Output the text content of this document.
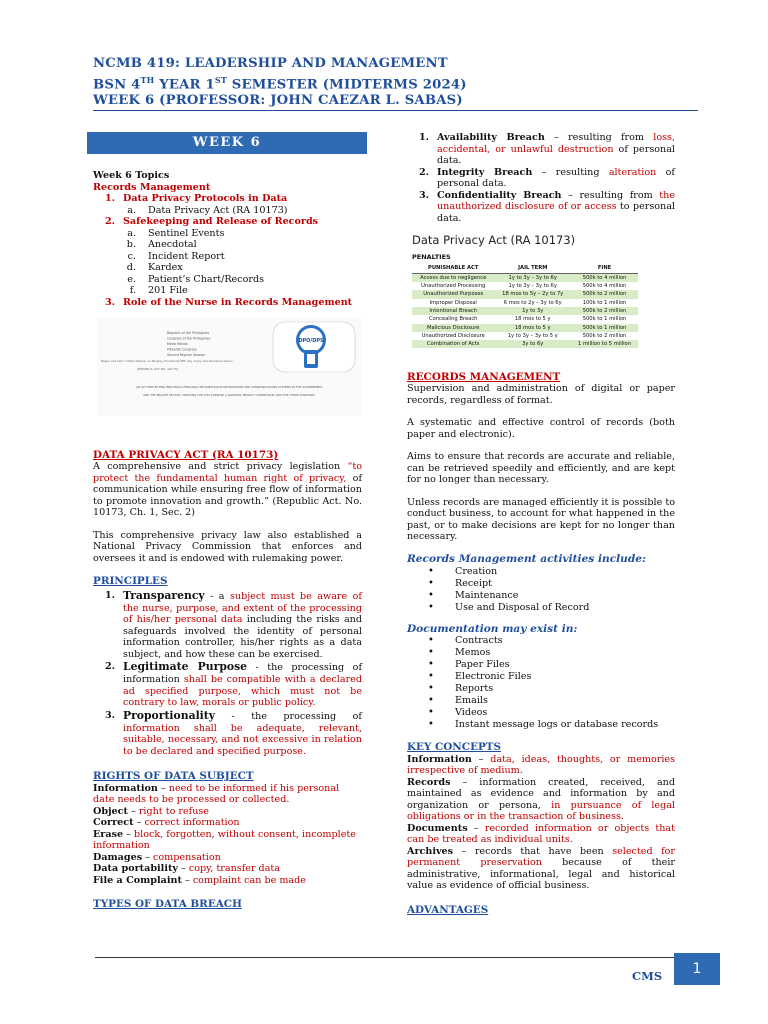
NCMB 419: LEADERSHIP AND MANAGEMENT
BSN 4TH YEAR 1ST SEMESTER (MIDTERMS 2024)
WEEK 6 (PROFESSOR: JOHN CAEZAR L. SABAS)
WEEK 6
Week 6 Topics
Records Management
1. Data Privacy Protocols in Data
a.	Data Privacy Act (RA 10173)
2. Safekeeping and Release of Records
a.	Sentinel Events
b.	Anecdotal
c.	Incident Report
d.	Kardex
e.	Patient’s Chart/Records
f.	201 File
3. Role of the Nurse in Records Management
Republic of the Philippines
Congress of the Philippines
Metro Manila
Fifteenth Congress
Second Regular Session
Begun and held in Metro Manila, on Monday, the twenty-fifth day of July, two thousand eleven.
[REPUBLIC ACT NO. 10173]
DPO/DPS
AN ACT PROTECTING INDIVIDUAL PERSONAL INFORMATION IN INFORMATION AND COMMUNICATIONS SYSTEMS IN THE GOVERNMENT
AND THE PRIVATE SECTOR, CREATING FOR THIS PURPOSE A NATIONAL PRIVACY COMMISSION, AND FOR OTHER PURPOSES
DATA PRIVACY ACT (RA 10173)
A comprehensive and strict privacy legislation “to protect the fundamental human right of privacy, of communication while ensuring free flow of information to promote innovation and growth.” (Republic Act. No. 10173, Ch. 1, Sec. 2)
This comprehensive privacy law also established a National Privacy Commission that enforces and oversees it and is endowed with rulemaking power.
PRINCIPLES
1. Transparency - a subject must be aware of the nurse, purpose, and extent of the processing of his/her personal data including the risks and safeguards involved the identity of personal information controller, his/her rights as a data subject, and how these can be exercised.
2. Legitimate Purpose - the processing of information shall be compatible with a declared ad specified purpose, which must not be contrary to law, morals or public policy.
3. Proportionality - the processing of information shall be adequate, relevant, suitable, necessary, and not excessive in relation to be declared and specified purpose.
RIGHTS OF DATA SUBJECT
Information – need to be informed if his personal date needs to be processed or collected.
Object – right to refuse
Correct – correct information
Erase – block, forgotten, without consent, incomplete information
Damages – compensation
Data portability – copy, transfer data
File a Complaint – complaint can be made
TYPES OF DATA BREACH
1. Availability Breach – resulting from loss, accidental, or unlawful destruction of personal data.
2. Integrity Breach – resulting alteration of personal data.
3. Confidentiality Breach – resulting from the unauthorized disclosure of or access to personal data.
Data Privacy Act (RA 10173)
PENALTIES
PUNISHABLE ACT	JAIL TERM	FINE
Access due to negligence	1y to 3y – 3y to 6y	500k to 4 million
Unauthorized Processing	1y to 3y – 3y to 6y	500k to 4 million
Unauthorized Purposes	18 mos to 5y – 2y to 7y	500k to 2 million
Improper Disposal	6 mos to 2y – 3y to 6y	100k to 1 million
Intentional Breach	1y to 3y	500k to 2 million
Concealing Breach	18 mos to 5 y	500k to 1 million
Malicious Disclosure	18 mos to 5 y	500k to 1 million
Unauthorized Disclosure	1y to 3y – 3y to 5 y	500k to 2 million
Combination of Acts	3y to 6y	1 million to 5 million
RECORDS MANAGEMENT
Supervision and administration of digital or paper records, regardless of format.
A systematic and effective control of records (both paper and electronic).
Aims to ensure that records are accurate and reliable, can be retrieved speedily and efficiently, and are kept for no longer than necessary.
Unless records are managed efficiently it is possible to conduct business, to account for what happened in the past, or to make decisions are kept for no longer than necessary.
Records Management activities include:
•	Creation
•	Receipt
•	Maintenance
•	Use and Disposal of Record
Documentation may exist in:
•	Contracts
•	Memos
•	Paper Files
•	Electronic Files
•	Reports
•	Emails
•	Videos
•	Instant message logs or database records
KEY CONCEPTS
Information – data, ideas, thoughts, or memories irrespective of medium.
Records – information created, received, and maintained as evidence and information by and organization or persona, in pursuance of legal obligations or in the transaction of business.
Documents – recorded information or objects that can be treated as individual units.
Archives – records that have been selected for permanent preservation because of their administrative, informational, legal and historical value as evidence of official business.
ADVANTAGES
CMS	1
